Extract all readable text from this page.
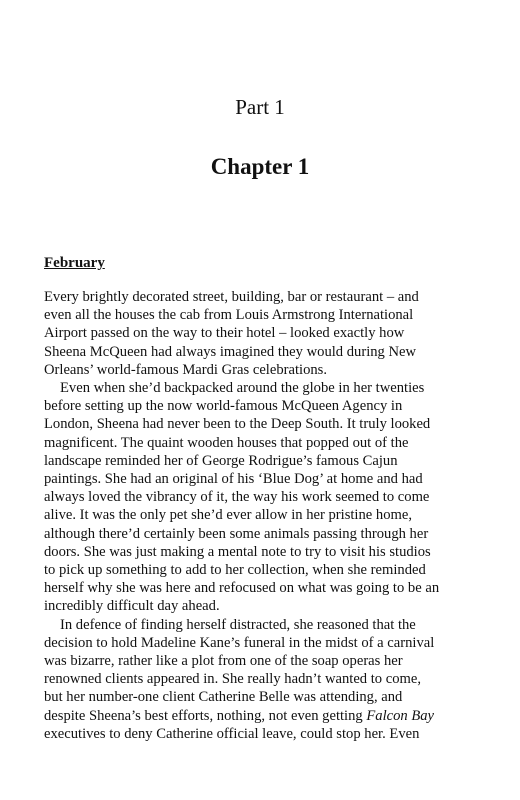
Part 1
Chapter 1
February

Every brightly decorated street, building, bar or restaurant – and
even all the houses the cab from Louis Armstrong International
Airport passed on the way to their hotel – looked exactly how
Sheena McQueen had always imagined they would during New
Orleans’ world-famous Mardi Gras celebrations.

Even when she’d backpacked around the globe in her twenties
before setting up the now world-famous McQueen Agency in
London, Sheena had never been to the Deep South. It truly looked
magnificent. The quaint wooden houses that popped out of the
landscape reminded her of George Rodrigue’s famous Cajun
paintings. She had an original of his ‘Blue Dog’ at home and had
always loved the vibrancy of it, the way his work seemed to come
alive. It was the only pet she’d ever allow in her pristine home,
although there’d certainly been some animals passing through her
doors. She was just making a mental note to try to visit his studios
to pick up something to add to her collection, when she reminded
herself why she was here and refocused on what was going to be an
incredibly difficult day ahead.

In defence of finding herself distracted, she reasoned that the
decision to hold Madeline Kane’s funeral in the midst of a carnival
was bizarre, rather like a plot from one of the soap operas her
renowned clients appeared in. She really hadn’t wanted to come,
but her number-one client Catherine Belle was attending, and
despite Sheena’s best efforts, nothing, not even getting Falcon Bay
executives to deny Catherine official leave, could stop her. Even
